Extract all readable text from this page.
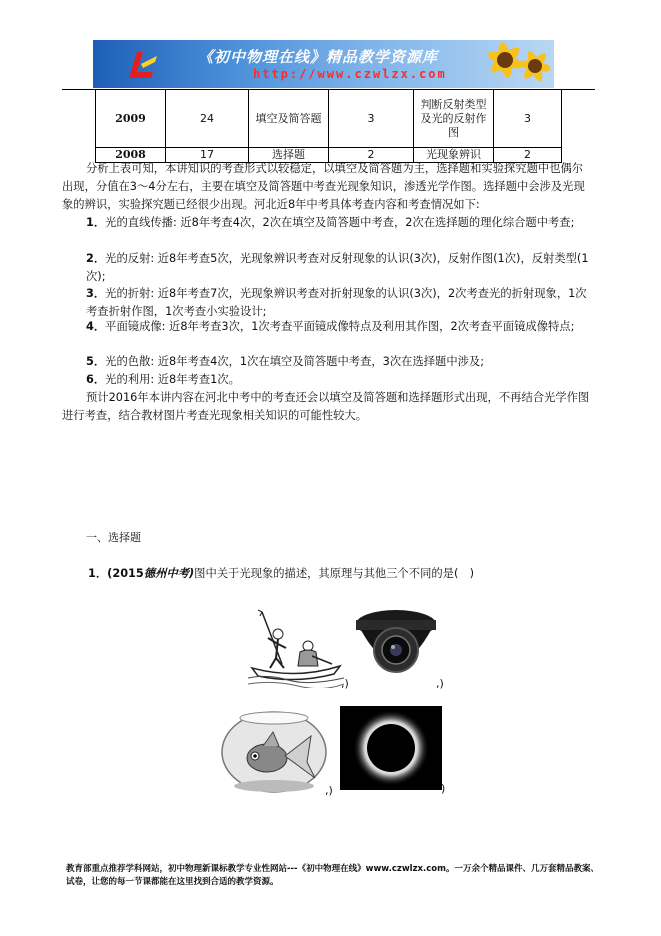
《初中物理在线》精品教学资源库
http://www.czwlzx.com
2009	24	填空及简答题	3	判断反射类型及光的反射作图	3
2008	17	选择题	2	光现象辨识	2
分析上表可知，本讲知识的考查形式以较稳定，以填空及简答题为主，选择题和实验探究题中也偶尔出现，分值在3～4分左右，主要在填空及简答题中考查光现象知识，渗透光学作图。选择题中会涉及光现象的辨识，实验探究题已经很少出现。河北近8年中考具体考查内容和考查情况如下:
1．光的直线传播: 近8年考查4次，2次在填空及简答题中考查，2次在选择题的理化综合题中考查;
2．光的反射: 近8年考查5次，光现象辨识考查对反射现象的认识(3次)，反射作图(1次)，反射类型(1次);
3．光的折射: 近8年考查7次，光现象辨识考查对折射现象的认识(3次)，2次考查光的折射现象，1次考查折射作图，1次考查小实验设计;
4．平面镜成像: 近8年考查3次，1次考查平面镜成像特点及利用其作图，2次考查平面镜成像特点;
5．光的色散: 近8年考查4次，1次在填空及简答题中考查，3次在选择题中涉及;
6．光的利用: 近8年考查1次。
预计2016年本讲内容在河北中考中的考查还会以填空及简答题和选择题形式出现，不再结合光学作图进行考查，结合教材图片考查光现象相关知识的可能性较大。
一、选择题
1．(2015德州中考)图中关于光现象的描述，其原理与其他三个不同的是(　)
,)	,)
,)	)
教育部重点推荐学科网站，初中物理新课标教学专业性网站---《初中物理在线》www.czwlzx.com。一万余个精品课件、几万套精品教案、试卷，让您的每一节课都能在这里找到合适的教学资源。
